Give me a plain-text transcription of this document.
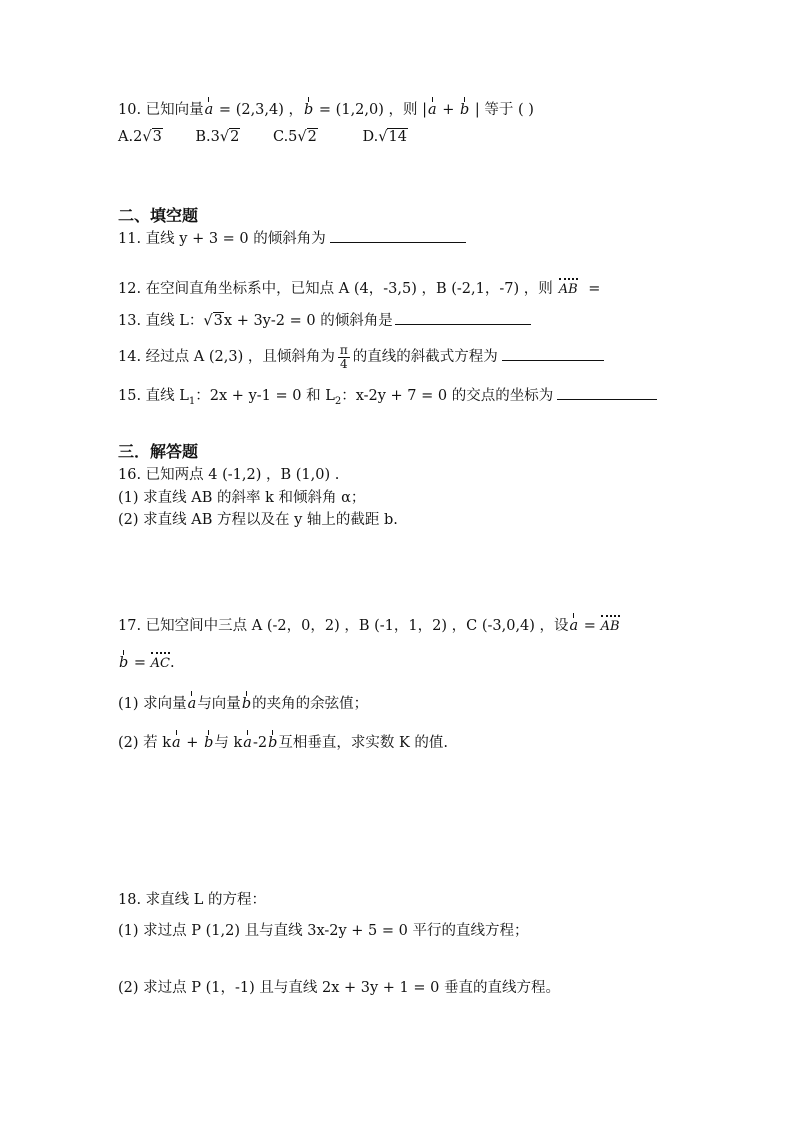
10. 已知向量a = (2,3,4) ，b = (1,2,0) ，则 |a + b | 等于 ( )
A.2√3 B.3√2 C.5√2	D.√14
二、填空题
11. 直线 y + 3 = 0 的倾斜角为
12. 在空间直角坐标系中，已知点 A (4，-3,5) ，B (-2,1，-7) ，则 AB =
13. 直线 L：√3x + 3y-2 = 0 的倾斜角是
14. 经过点 A (2,3) ，且倾斜角为 $\frac{\pi}{4}$ 的直线的斜截式方程为
15. 直线 $L_1$：2x + y-1 = 0 和 $L_2$：x-2y + 7 = 0 的交点的坐标为
三．解答题
16. 已知两点 4 (-1,2) ，B (1,0) .
(1) 求直线 AB 的斜率 k 和倾斜角 α；
(2) 求直线 AB 方程以及在 y 轴上的截距 b.
17. 已知空间中三点 A (-2，0，2) ，B (-1，1，2) ，C (-3,0,4) ，设a = AB
b = AC.
(1) 求向量a与向量b的夹角的余弦值；
(2) 若 ka + b与 ka-2b互相垂直，求实数 K 的值.
18. 求直线 L 的方程：
(1) 求过点 P (1,2) 且与直线 3x-2y + 5 = 0 平行的直线方程；
(2) 求过点 P (1，-1) 且与直线 2x + 3y + 1 = 0 垂直的直线方程。
